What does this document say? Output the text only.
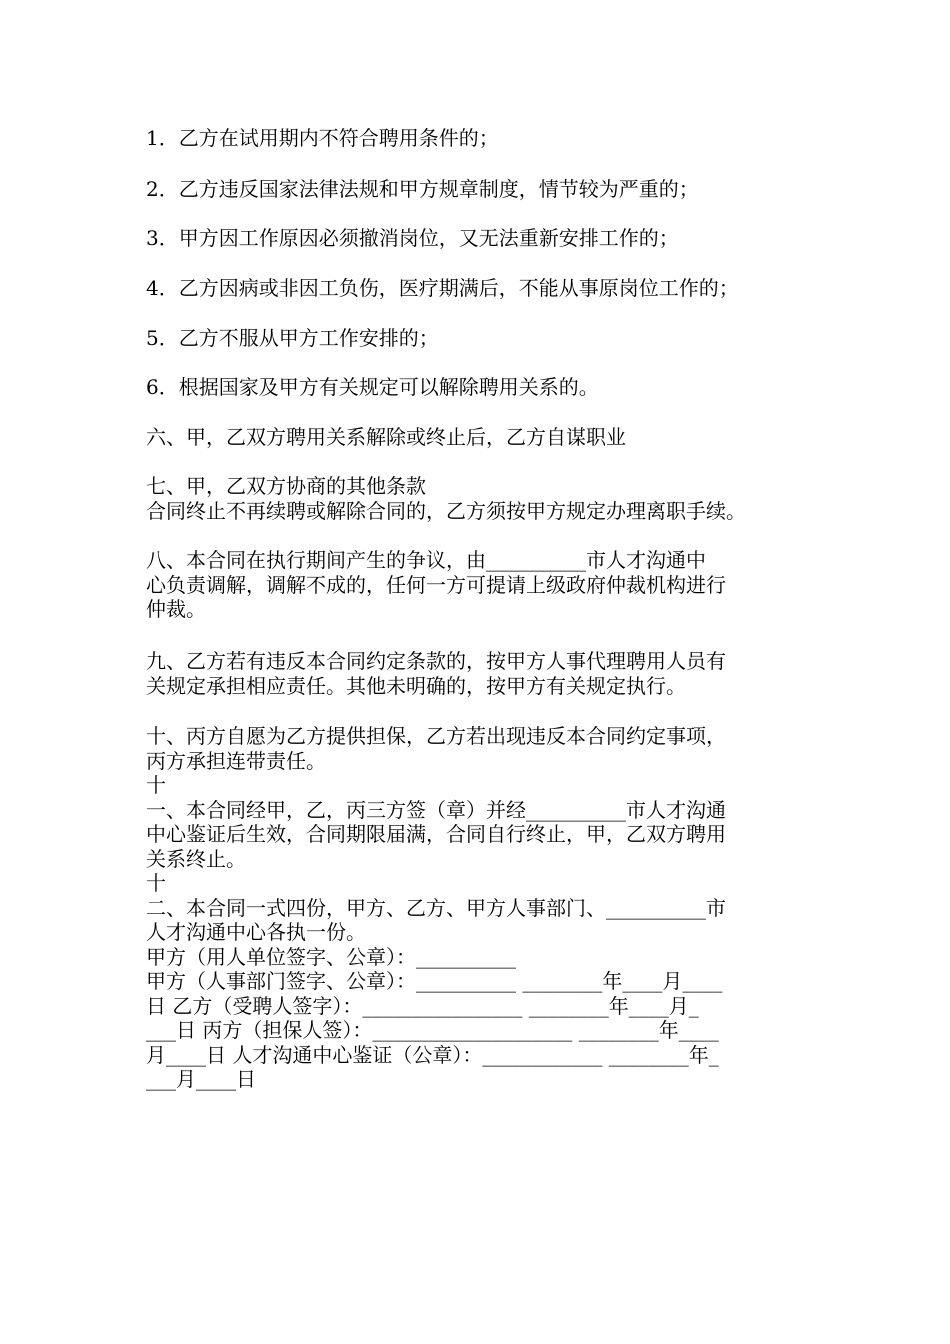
1．乙方在试用期内不符合聘用条件的；
2．乙方违反国家法律法规和甲方规章制度，情节较为严重的；
3．甲方因工作原因必须撤消岗位，又无法重新安排工作的；
4．乙方因病或非因工负伤，医疗期满后，不能从事原岗位工作的；
5．乙方不服从甲方工作安排的；
6．根据国家及甲方有关规定可以解除聘用关系的。
六、甲，乙双方聘用关系解除或终止后，乙方自谋职业
七、甲，乙双方协商的其他条款
合同终止不再续聘或解除合同的，乙方须按甲方规定办理离职手续。
八、本合同在执行期间产生的争议，由__________市人才沟通中
心负责调解，调解不成的，任何一方可提请上级政府仲裁机构进行
仲裁。
九、乙方若有违反本合同约定条款的，按甲方人事代理聘用人员有
关规定承担相应责任。其他未明确的，按甲方有关规定执行。
十、丙方自愿为乙方提供担保，乙方若出现违反本合同约定事项，
丙方承担连带责任。
十
一、本合同经甲，乙，丙三方签（章）并经__________市人才沟通
中心鉴证后生效，合同期限届满，合同自行终止，甲，乙双方聘用
关系终止。
十
二、本合同一式四份，甲方、乙方、甲方人事部门、__________市
人才沟通中心各执一份。
甲方（用人单位签字、公章）：__________
甲方（人事部门签字、公章）：__________ ________年____月____
日 乙方（受聘人签字）：________________ ________年____月_
___日 丙方（担保人签）：____________________ ________年____
月____日 人才沟通中心鉴证（公章）：____________ ________年_
___月____日
